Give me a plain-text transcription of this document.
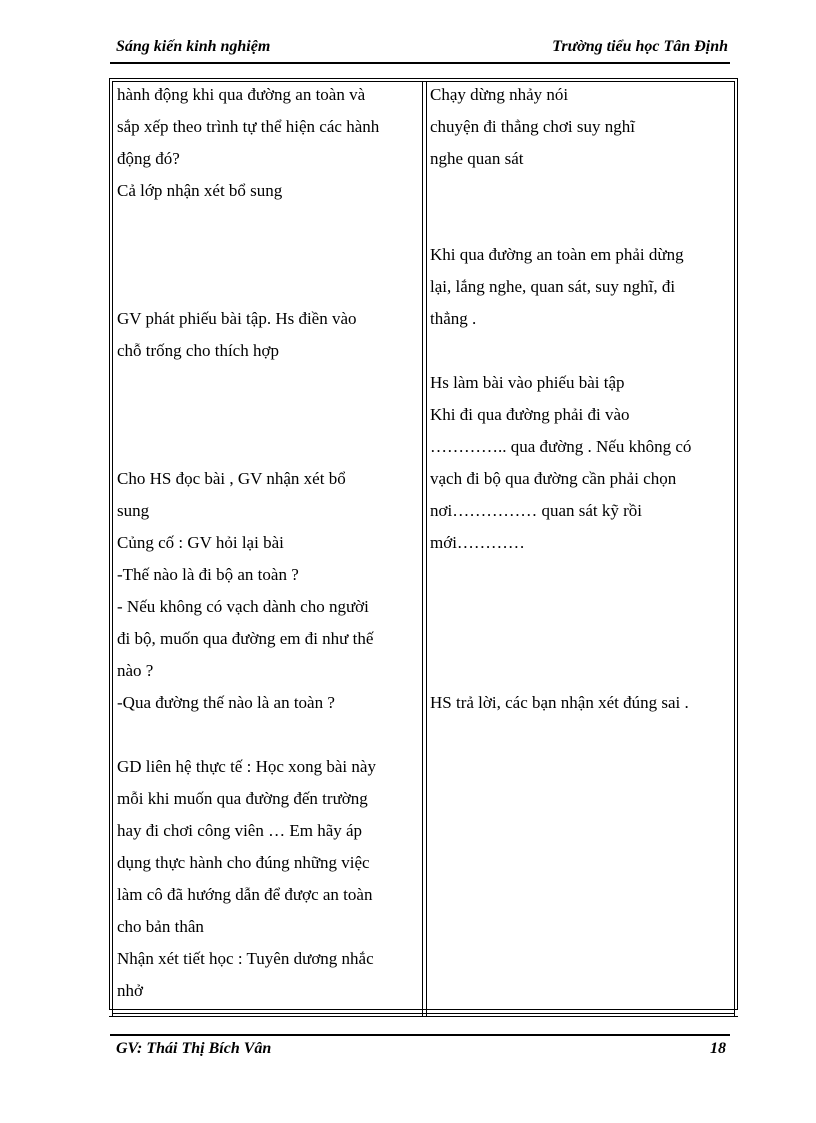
Sáng kiến kinh nghiệm	Trường tiểu học Tân Định
hành động khi qua đường an toàn và
sắp xếp theo trình tự thể hiện các hành
động đó?
Cả lớp nhận xét bổ sung
GV phát phiếu bài tập. Hs điền vào
chỗ trống cho thích hợp
Cho HS đọc bài , GV nhận xét bổ
sung
Củng cố : GV hỏi lại bài
-Thế nào là đi bộ an toàn ?
- Nếu không có vạch dành cho người
đi bộ, muốn qua đường em đi như thế
nào ?
-Qua đường thế nào là an toàn ?
GD liên hệ thực tế : Học xong bài này
mỗi khi muốn qua đường đến trường
hay đi chơi công viên … Em hãy áp
dụng thực hành cho đúng những việc
làm cô đã hướng dẫn để được an toàn
cho bản thân
Nhận xét tiết học : Tuyên dương nhắc
nhở
Chạy dừng nhảy nói
chuyện đi thẳng chơi suy nghĩ
nghe quan sát
Khi qua đường an toàn em phải dừng
lại, lắng nghe, quan sát, suy nghĩ, đi
thẳng .
Hs làm bài vào phiếu bài tập
Khi đi qua đường phải đi vào
………….. qua đường . Nếu không có
vạch đi bộ qua đường cần phải chọn
nơi…………… quan sát kỹ rồi
mới…………
HS trả lời, các bạn nhận xét đúng sai .
GV: Thái Thị Bích Vân	18
